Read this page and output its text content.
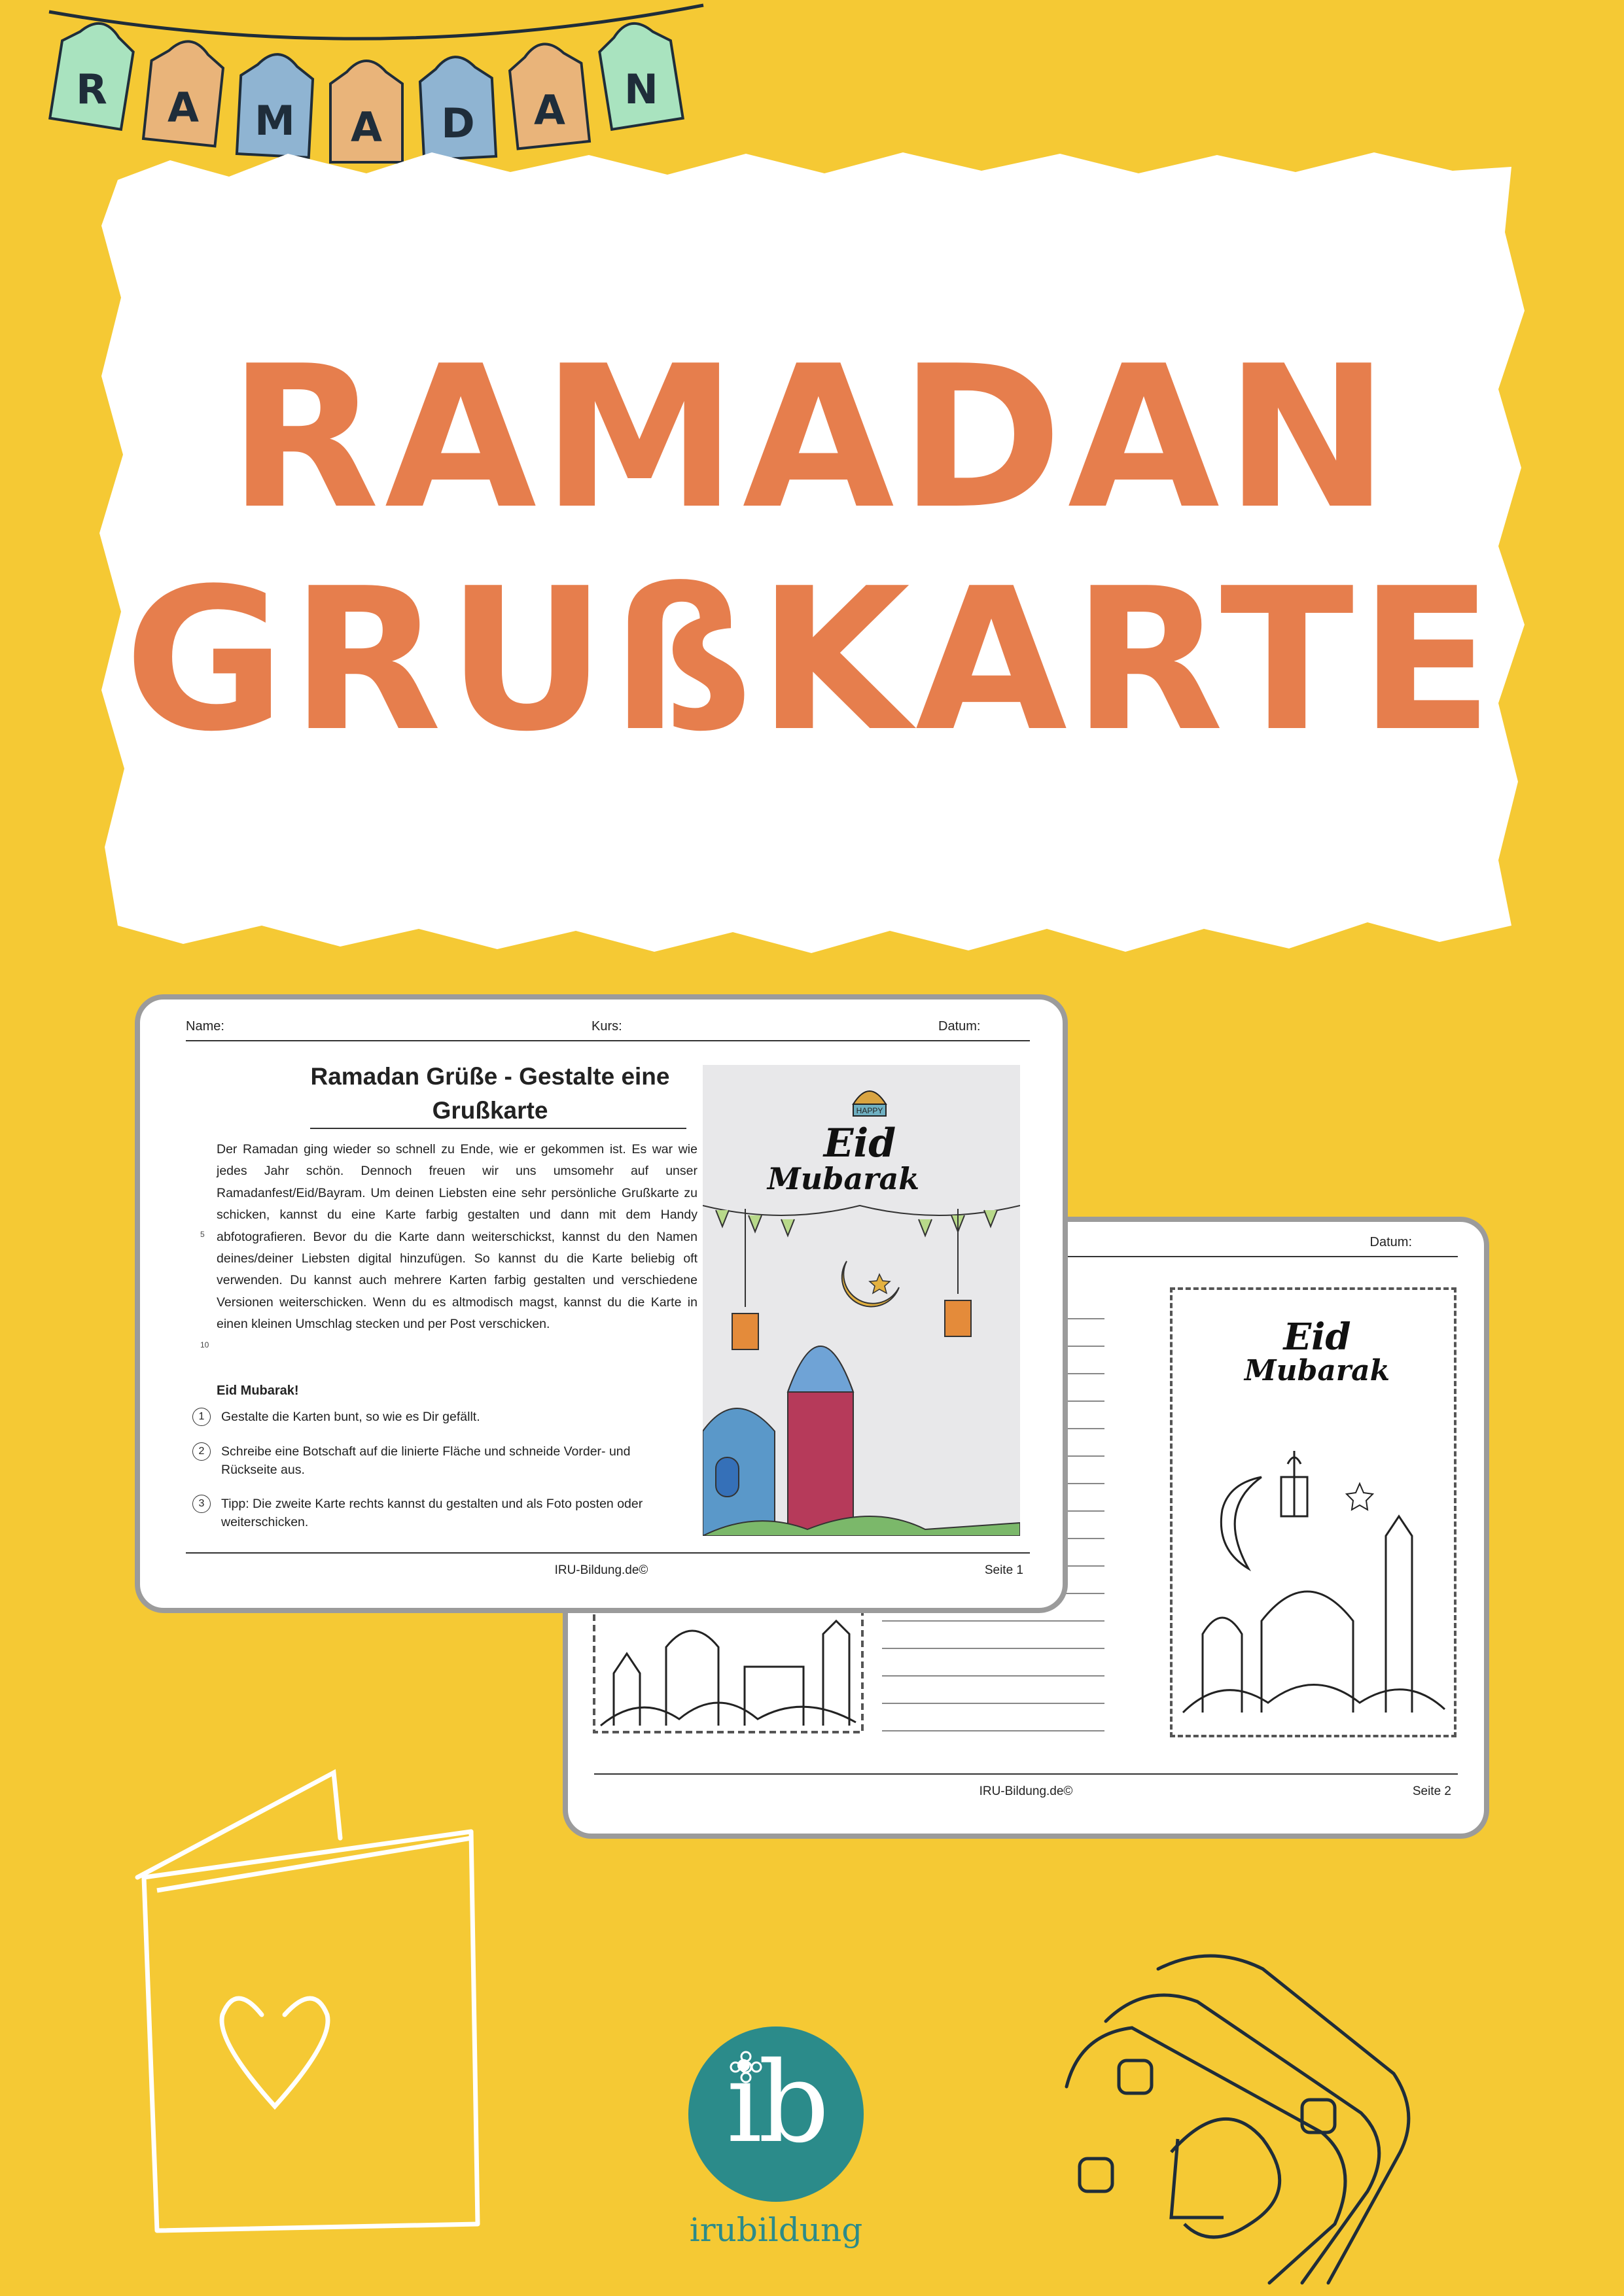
R A M A D A N
RAMADAN
GRUßKARTE
Datum:
Eid
Mubarak
IRU-Bildung.de©	Seite 2
Name:	Kurs:	Datum:
Ramadan Grüße - Gestalte eine Grußkarte

Der Ramadan ging wieder so schnell zu Ende, wie er gekommen ist. Es war wie jedes Jahr schön. Dennoch freuen wir uns umsomehr auf unser Ramadanfest/Eid/Bayram. Um deinen Liebsten eine sehr persönliche Grußkarte zu schicken, kannst du eine Karte farbig gestalten und dann mit dem Handy abfotografieren. Bevor du die Karte dann weiterschickst, kannst du den Namen deines/deiner Liebsten digital hinzufügen. So kannst du die Karte beliebig oft verwenden. Du kannst auch mehrere Karten farbig gestalten und verschiedene Versionen weiterschicken. Wenn du es altmodisch magst, kannst du die Karte in einen kleinen Umschlag stecken und per Post verschicken.

5
10
Eid Mubarak!
1	Gestalte die Karten bunt, so wie es Dir gefällt.
2	Schreibe eine Botschaft auf die linierte Fläche und schneide Vorder- und Rückseite aus.
3	Tipp: Die zweite Karte rechts kannst du gestalten und als Foto posten oder weiterschicken.
HAPPY
Eid
Mubarak
IRU-Bildung.de©	Seite 1
ib
irubildung
